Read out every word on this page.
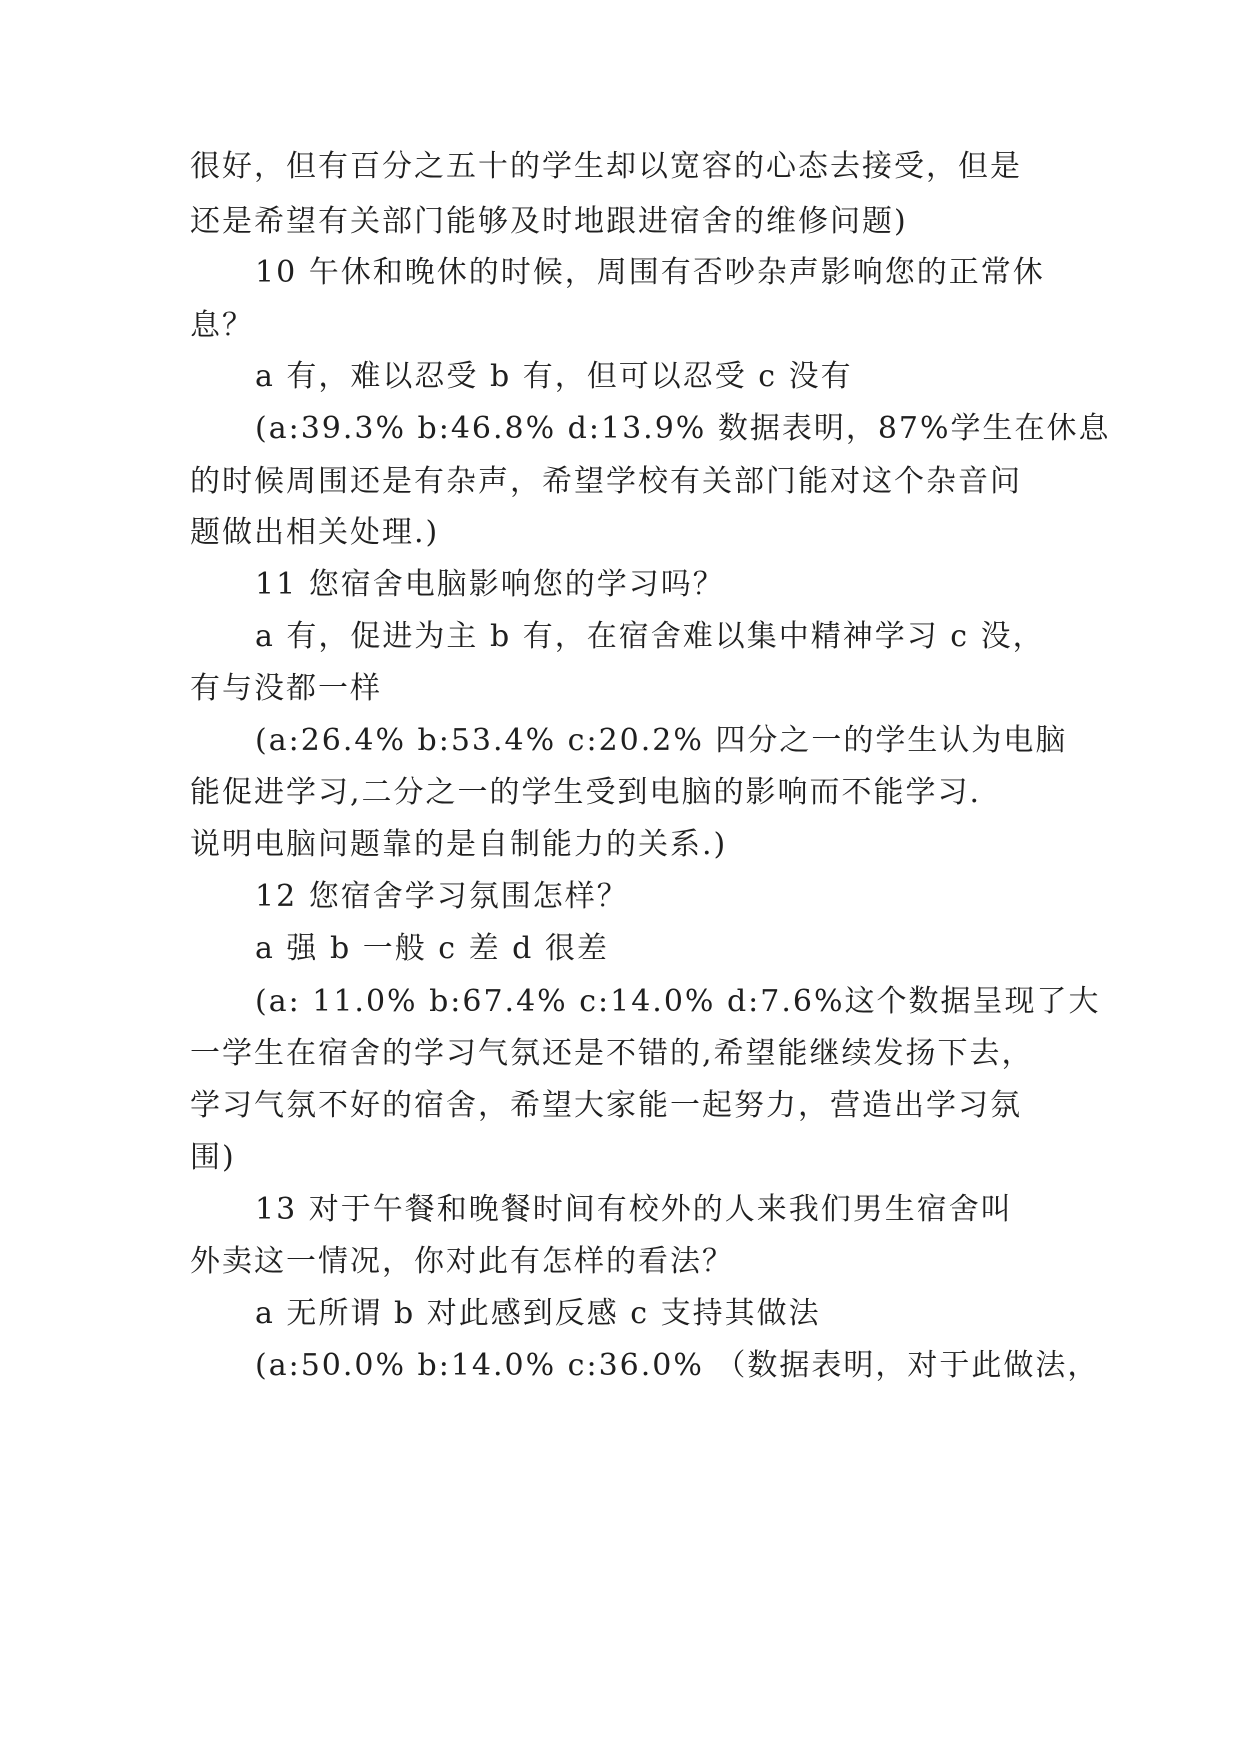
很好，但有百分之五十的学生却以宽容的心态去接受，但是
还是希望有关部门能够及时地跟进宿舍的维修问题)
10 午休和晚休的时候，周围有否吵杂声影响您的正常休
息？
a 有，难以忍受 b 有，但可以忍受 c 没有
(a:39.3% b:46.8% d:13.9% 数据表明，87%学生在休息
的时候周围还是有杂声，希望学校有关部门能对这个杂音问
题做出相关处理.)
11 您宿舍电脑影响您的学习吗？
a 有，促进为主 b 有，在宿舍难以集中精神学习 c 没，
有与没都一样
(a:26.4% b:53.4% c:20.2% 四分之一的学生认为电脑
能促进学习,二分之一的学生受到电脑的影响而不能学习.
说明电脑问题靠的是自制能力的关系.)
12 您宿舍学习氛围怎样？
a 强 b 一般 c 差 d 很差
(a: 11.0% b:67.4% c:14.0% d:7.6%这个数据呈现了大
一学生在宿舍的学习气氛还是不错的,希望能继续发扬下去，
学习气氛不好的宿舍，希望大家能一起努力，营造出学习氛
围)
13 对于午餐和晚餐时间有校外的人来我们男生宿舍叫
外卖这一情况，你对此有怎样的看法？
a 无所谓 b 对此感到反感 c 支持其做法
(a:50.0% b:14.0% c:36.0% （数据表明，对于此做法，
